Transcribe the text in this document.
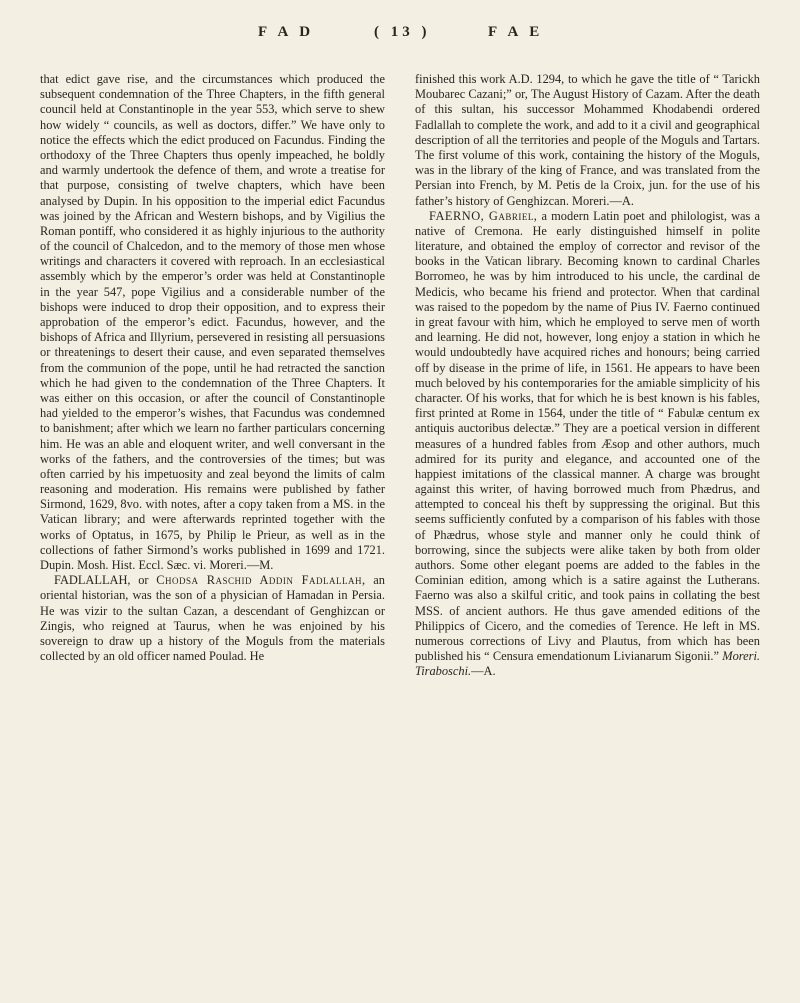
F A D	( 13 )	F A E

that edict gave rise, and the circumstances which produced the subsequent condemnation of the Three Chapters, in the fifth general council held at Constantinople in the year 553, which serve to shew how widely “ councils, as well as doctors, differ.” We have only to notice the effects which the edict produced on Facundus. Finding the orthodoxy of the Three Chapters thus openly impeached, he boldly and warmly undertook the defence of them, and wrote a treatise for that purpose, consisting of twelve chapters, which have been analysed by Dupin. In his opposition to the imperial edict Facundus was joined by the African and Western bishops, and by Vigilius the Roman pontiff, who considered it as highly injurious to the authority of the council of Chalcedon, and to the memory of those men whose writings and characters it covered with reproach. In an ecclesiastical assembly which by the emperor’s order was held at Constantinople in the year 547, pope Vigilius and a considerable number of the bishops were induced to drop their opposition, and to express their approbation of the emperor’s edict. Facundus, however, and the bishops of Africa and Illyrium, persevered in resisting all persuasions or threatenings to desert their cause, and even separated themselves from the communion of the pope, until he had retracted the sanction which he had given to the condemnation of the Three Chapters. It was either on this occasion, or after the council of Constantinople had yielded to the emperor’s wishes, that Facundus was condemned to banishment; after which we learn no farther particulars concerning him. He was an able and eloquent writer, and well conversant in the works of the fathers, and the controversies of the times; but was often carried by his impetuosity and zeal beyond the limits of calm reasoning and moderation. His remains were published by father Sirmond, 1629, 8vo. with notes, after a copy taken from a MS. in the Vatican library; and were afterwards reprinted together with the works of Optatus, in 1675, by Philip le Prieur, as well as in the collections of father Sirmond’s works published in 1699 and 1721. Dupin. Mosh. Hist. Eccl. Sæc. vi. Moreri.—M.

FADLALLAH, or Chodsa Raschid Addin Fadlallah, an oriental historian, was the son of a physician of Hamadan in Persia. He was vizir to the sultan Cazan, a descendant of Genghizcan or Zingis, who reigned at Taurus, when he was enjoined by his sovereign to draw up a history of the Moguls from the materials collected by an old officer named Poulad. He

finished this work A.D. 1294, to which he gave the title of “ Tarickh Moubarec Cazani;” or, The August History of Cazam. After the death of this sultan, his successor Mohammed Khodabendi ordered Fadlallah to complete the work, and add to it a civil and geographical description of all the territories and people of the Moguls and Tartars. The first volume of this work, containing the history of the Moguls, was in the library of the king of France, and was translated from the Persian into French, by M. Petis de la Croix, jun. for the use of his father’s history of Genghizcan. Moreri.—A.

FAERNO, Gabriel, a modern Latin poet and philologist, was a native of Cremona. He early distinguished himself in polite literature, and obtained the employ of corrector and revisor of the books in the Vatican library. Becoming known to cardinal Charles Borromeo, he was by him introduced to his uncle, the cardinal de Medicis, who became his friend and protector. When that cardinal was raised to the popedom by the name of Pius IV. Faerno continued in great favour with him, which he employed to serve men of worth and learning. He did not, however, long enjoy a station in which he would undoubtedly have acquired riches and honours; being carried off by disease in the prime of life, in 1561. He appears to have been much beloved by his contemporaries for the amiable simplicity of his character. Of his works, that for which he is best known is his fables, first printed at Rome in 1564, under the title of “ Fabulæ centum ex antiquis auctoribus delectæ.” They are a poetical version in different measures of a hundred fables from Æsop and other authors, much admired for its purity and elegance, and accounted one of the happiest imitations of the classical manner. A charge was brought against this writer, of having borrowed much from Phædrus, and attempted to conceal his theft by suppressing the original. But this seems sufficiently confuted by a comparison of his fables with those of Phædrus, whose style and manner only he could think of borrowing, since the subjects were alike taken by both from older authors. Some other elegant poems are added to the fables in the Cominian edition, among which is a satire against the Lutherans. Faerno was also a skilful critic, and took pains in collating the best MSS. of ancient authors. He thus gave amended editions of the Philippics of Cicero, and the comedies of Terence. He left in MS. numerous corrections of Livy and Plautus, from which has been published his “ Censura emendationum Livianarum Sigonii.” Moreri. Tiraboschi.—A.
